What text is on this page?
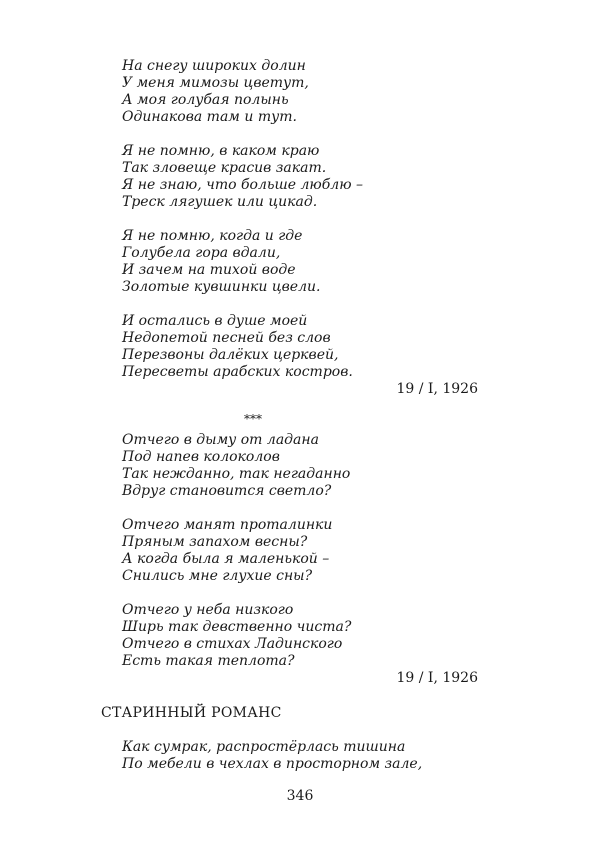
На снегу широких долин
У меня мимозы цветут,
А моя голубая полынь
Одинакова там и тут.
Я не помню, в каком краю
Так зловеще красив закат.
Я не знаю, что больше люблю –
Треск лягушек или цикад.
Я не помню, когда и где
Голубела гора вдали,
И зачем на тихой воде
Золотые кувшинки цвели.
И остались в душе моей
Недопетой песней без слов
Перезвоны далёких церквей,
Пересветы арабских костров.
19 / I, 1926
***
Отчего в дыму от ладана
Под напев колоколов
Так нежданно, так негаданно
Вдруг становится светло?
Отчего манят проталинки
Пряным запахом весны?
А когда была я маленькой –
Снились мне глухие сны?
Отчего у неба низкого
Ширь так девственно чиста?
Отчего в стихах Ладинского
Есть такая теплота?
19 / I, 1926
СТАРИННЫЙ РОМАНС
Как сумрак, распростёрлась тишина
По мебели в чехлах в просторном зале,
346
